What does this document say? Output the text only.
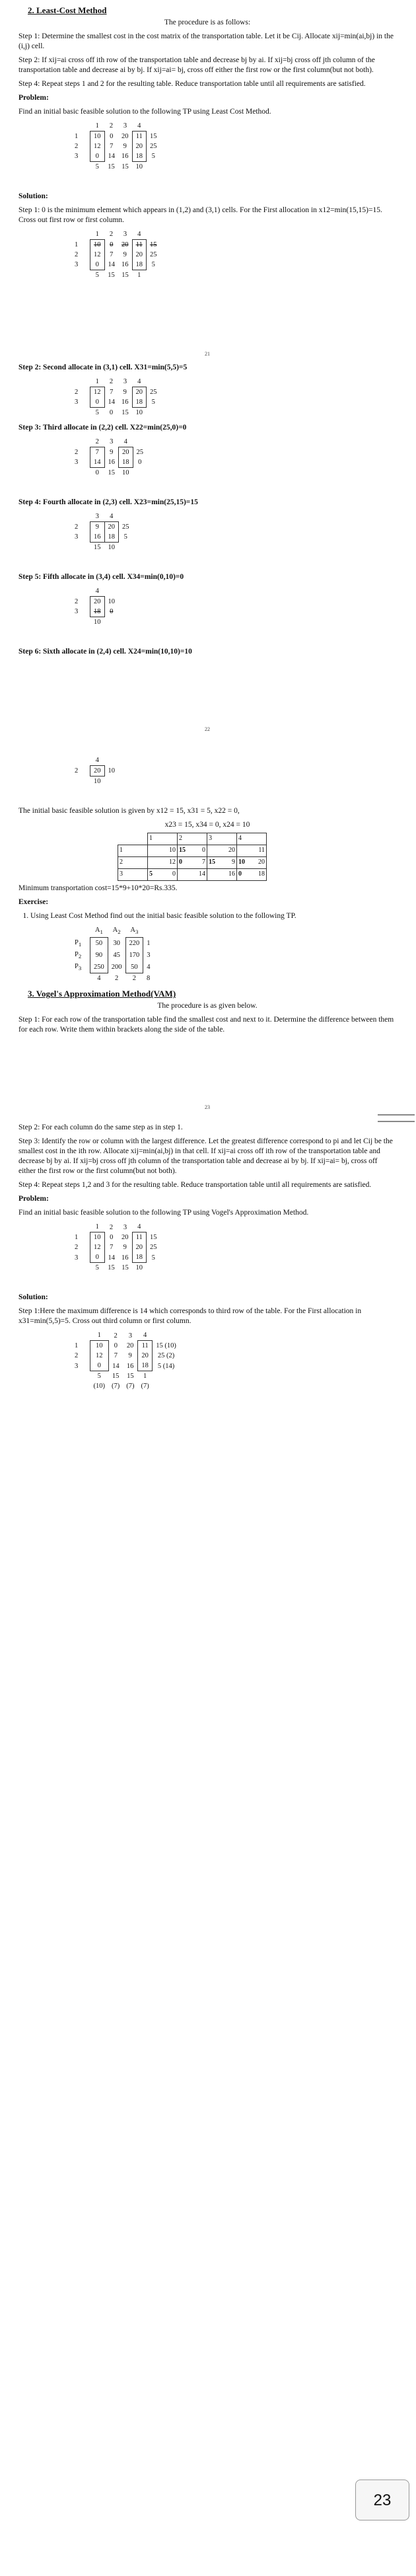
2. Least-Cost Method

The procedure is as follows:

Step 1: Determine the smallest cost in the cost matrix of the transportation table. Let it be Cij. Allocate xij=min(ai,bj) in the (i,j) cell.

Step 2: If xij=ai cross off ith row of the transportation table and decrease bj by ai. If xij=bj cross off jth column of the transportation table and decrease ai by bj. If xij=ai= bj, cross off either the first row or the first column(but not both).

Step 4: Repeat steps 1 and 2 for the resulting table. Reduce transportation table until all requirements are satisfied.

Problem:

Find an initial basic feasible solution to the following TP using Least Cost Method.

	1	2	3	4	
1	10	0	20	11	15
2	12	7	9	20	25
3	0	14	16	18	5
	5	15	15	10	

Solution:

Step 1: 0 is the minimum element which appears in (1,2) and (3,1) cells. For the First allocation in x12=min(15,15)=15. Cross out first row or first column.

	1	2	3	4	
1	10	0	20	11	15
2	12	7	9	20	25
3	0	14	16	18	5
	5	15	15	1	
21

Step 2: Second allocate in (3,1) cell. X31=min(5,5)=5

	1	2	3	4	
2	12	7	9	20	25
3	0	14	16	18	5
	5	0	15	10	

Step 3: Third allocate in (2,2) cell. X22=min(25,0)=0

	2	3	4	
2	7	9	20	25
3	14	16	18	0
	0	15	10	

Step 4: Fourth allocate in (2,3) cell. X23=min(25,15)=15

	3	4	
2	9	20	25
3	16	18	5
	15	10	

Step 5: Fifth allocate in (3,4) cell. X34=min(0,10)=0

	4	
2	20	10
3	18	0
	10	

Step 6: Sixth allocate in (2,4) cell. X24=min(10,10)=10

22
	4	
2	20	10
	10	

The initial basic feasible solution is given by x12 = 15, x31 = 5, x22 = 0,

x23 = 15, x34 = 0, x24 = 10

	1	2	3	4
1	10	15 0	20	11

2	12	0 7	15 9	10 20

3	5 0	14	16	0 18

Minimum transportation cost=15*9+10*20=Rs.335.

Exercise:

1. Using Least Cost Method find out the initial basic feasible solution to the following TP.
	$A_1$	$A_2$	$A_3$	
$P_1$	50	30	220	1
$P_2$	90	45	170	3
$P_3$	250	200	50	4
	4	2	2	8
3. Vogel's Approximation Method(VAM)

The procedure is as given below.

Step 1: For each row of the transportation table find the smallest cost and next to it. Determine the difference between them for each row. Write them within brackets along the side of the table.

23

Step 2: For each column do the same step as in step 1.

Step 3: Identify the row or column with the largest difference. Let the greatest difference correspond to pi and let Cij be the smallest cost in the ith row. Allocate xij=min(ai,bj) in that cell. If xij=ai cross off ith row of the transportation table and decrease bj by ai. If xij=bj cross off jth column of the transportation table and decrease ai by bj. If xij=ai= bj, cross off either the first row or the first column(but not both).

Step 4: Repeat steps 1,2 and 3 for the resulting table. Reduce transportation table until all requirements are satisfied.

Problem:

Find an initial basic feasible solution to the following TP using Vogel's Approximation Method.

	1	2	3	4	
1	10	0	20	11	15
2	12	7	9	20	25
3	0	14	16	18	5
	5	15	15	10	

Solution:

Step 1:Here the maximum difference is 14 which corresponds to third row of the table. For the First allocation in x31=min(5,5)=5. Cross out third column or first column.

	1	2	3	4	
1	10	0	20	11	15 (10)
2	12	7	9	20	25 (2)
3	0	14	16	18	5 (14)
	5	15	15	1	
	(10)	(7)	(7)	(7)	
23
